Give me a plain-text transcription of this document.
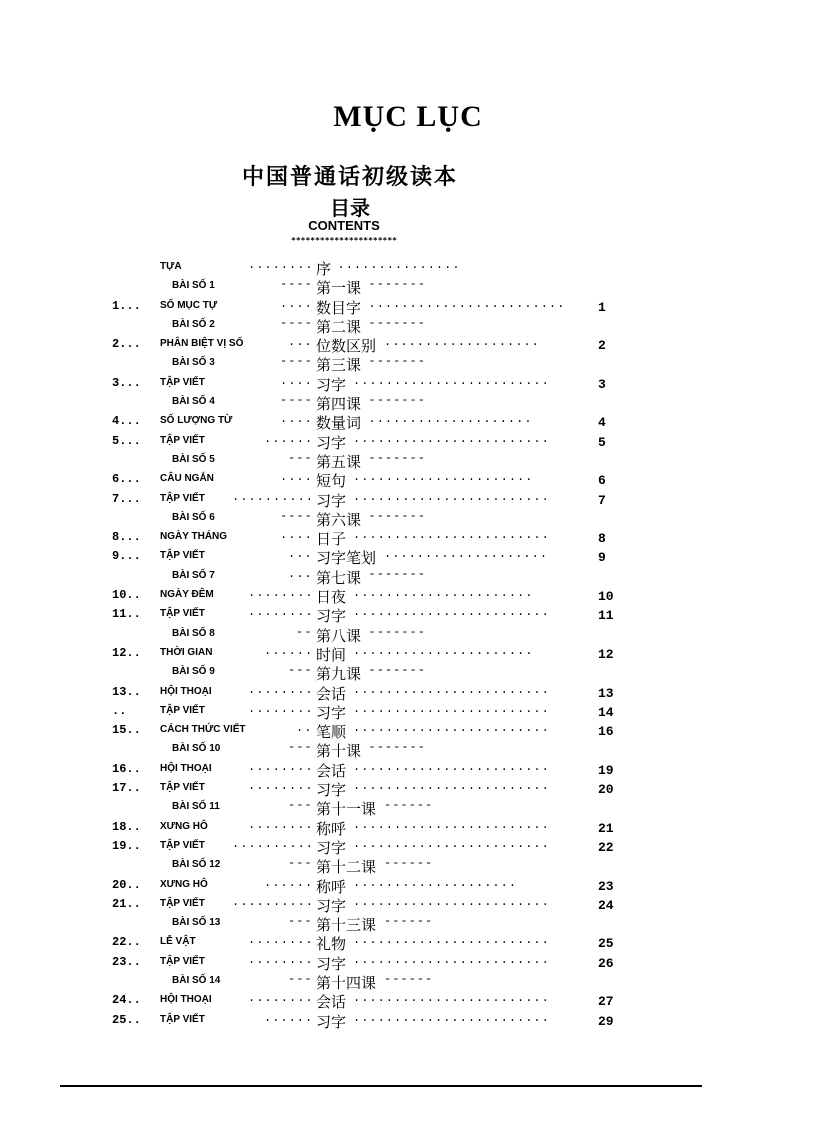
MỤC LỤC
中国普通话初级读本
目录
CONTENTS
**********************
TỰA	........ 序 ...............
BÀI SỐ 1	---- 第一课 -------
1... SỐ MỤC TỰ	.... 数目字 ........................	1
BÀI SỐ 2	---- 第二课 -------
2... PHÂN BIỆT VỊ SỐ	... 位数区别 ...................	2
BÀI SỐ 3	---- 第三课 -------
3... TẬP VIẾT	.... 习字 ........................	3
BÀI SỐ 4	---- 第四课 -------
4... SỐ LƯỢNG TỪ	.... 数量词 ....................	4
5... TẬP VIẾT	...... 习字 ........................	5
BÀI SỐ 5	--- 第五课 -------
6... CÂU NGẮN	.... 短句 ......................	6
7... TẬP VIẾT .......... 习字 ........................	7
BÀI SỐ 6	---- 第六课 -------
8... NGÀY THÁNG	.... 日子 ........................	8
9... TẬP VIẾT	... 习字笔划 ....................	9
BÀI SỐ 7	... 第七课 -------
10.. NGÀY ĐÊM	........ 日夜 ......................	10
11.. TẬP VIẾT	........ 习字 ........................	11
BÀI SỐ 8	-- 第八课 -------
12.. THỜI GIAN	...... 时间 ......................	12
BÀI SỐ 9	--- 第九课 -------
13.. HỘI THOẠI	........ 会话 ........................	13
..	TẬP VIẾT	........ 习字 ........................	14
15.. CÁCH THỨC VIẾT	.. 笔顺 ........................	16
BÀI SỐ 10	--- 第十课 -------
16.. HỘI THOẠI	........ 会话 ........................	19
17.. TẬP VIẾT	........ 习字 ........................	20
BÀI SỐ 11	--- 第十一课 ------
18.. XƯNG HÔ	........ 称呼 ........................	21
19.. TẬP VIẾT .......... 习字 ........................	22
BÀI SỐ 12	--- 第十二课 ------
20.. XƯNG HÔ	...... 称呼 ....................	23
21.. TẬP VIẾT .......... 习字 ........................	24
BÀI SỐ 13	--- 第十三课 ------
22.. LỄ VẬT	........ 礼物 ........................	25
23.. TẬP VIẾT	........ 习字 ........................	26
BÀI SỐ 14	--- 第十四课 ------
24.. HỘI THOẠI	........ 会话 ........................	27
25.. TẬP VIẾT	...... 习字 ........................	29
